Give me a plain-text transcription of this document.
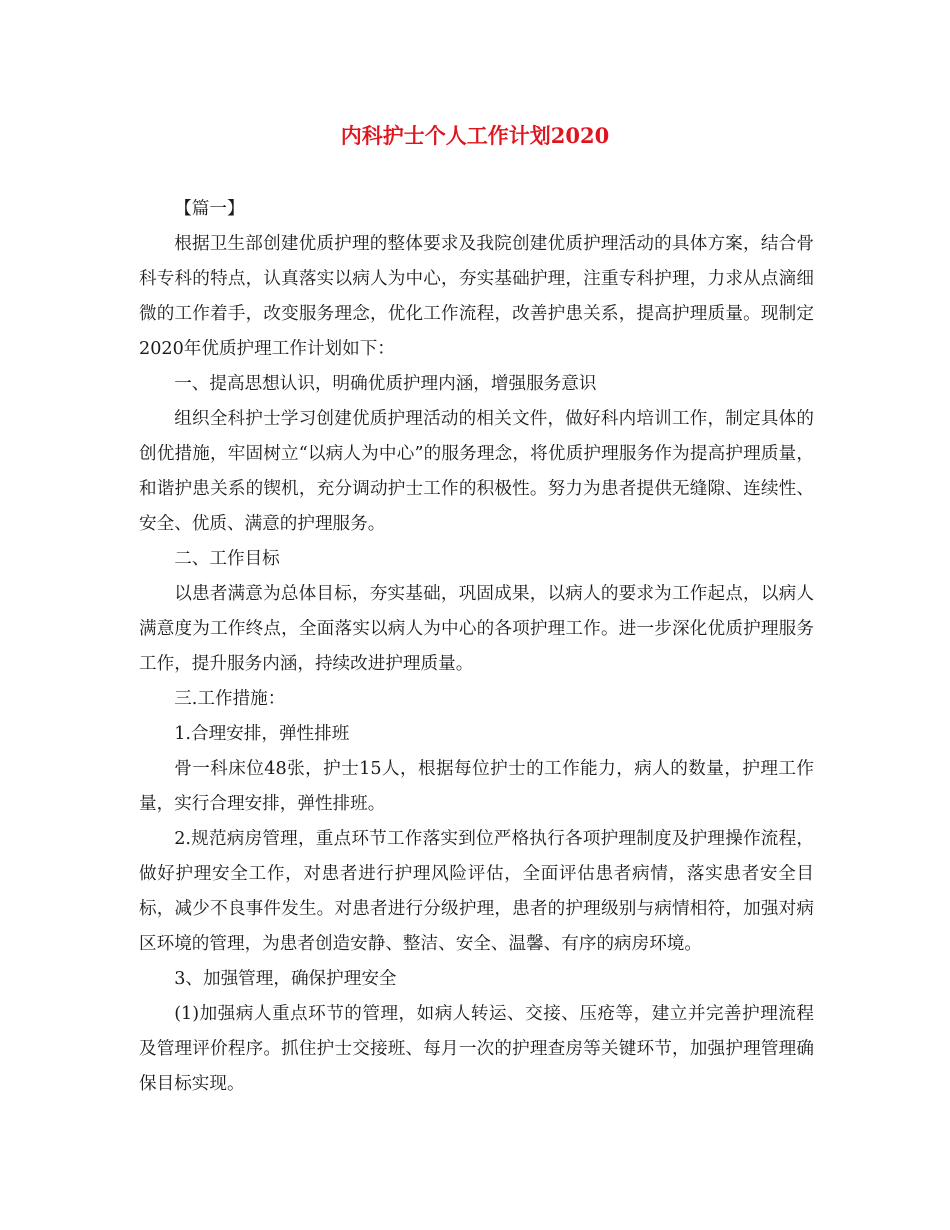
内科护士个人工作计划2020

【篇一】

根据卫生部创建优质护理的整体要求及我院创建优质护理活动的具体方案，结合骨科专科的特点，认真落实以病人为中心，夯实基础护理，注重专科护理，力求从点滴细微的工作着手，改变服务理念，优化工作流程，改善护患关系，提高护理质量。现制定2020年优质护理工作计划如下：

一、提高思想认识，明确优质护理内涵，增强服务意识

组织全科护士学习创建优质护理活动的相关文件，做好科内培训工作，制定具体的创优措施，牢固树立“以病人为中心”的服务理念，将优质护理服务作为提高护理质量，和谐护患关系的锲机，充分调动护士工作的积极性。努力为患者提供无缝隙、连续性、安全、优质、满意的护理服务。

二、工作目标

以患者满意为总体目标，夯实基础，巩固成果，以病人的要求为工作起点，以病人满意度为工作终点，全面落实以病人为中心的各项护理工作。进一步深化优质护理服务工作，提升服务内涵，持续改进护理质量。

三.工作措施：

1.合理安排，弹性排班

骨一科床位48张，护士15人，根据每位护士的工作能力，病人的数量，护理工作量，实行合理安排，弹性排班。

2.规范病房管理，重点环节工作落实到位严格执行各项护理制度及护理操作流程，做好护理安全工作，对患者进行护理风险评估，全面评估患者病情，落实患者安全目标，减少不良事件发生。对患者进行分级护理，患者的护理级别与病情相符，加强对病区环境的管理，为患者创造安静、整洁、安全、温馨、有序的病房环境。

3、加强管理，确保护理安全

(1)加强病人重点环节的管理，如病人转运、交接、压疮等，建立并完善护理流程及管理评价程序。抓住护士交接班、每月一次的护理查房等关键环节，加强护理管理确保目标实现。
